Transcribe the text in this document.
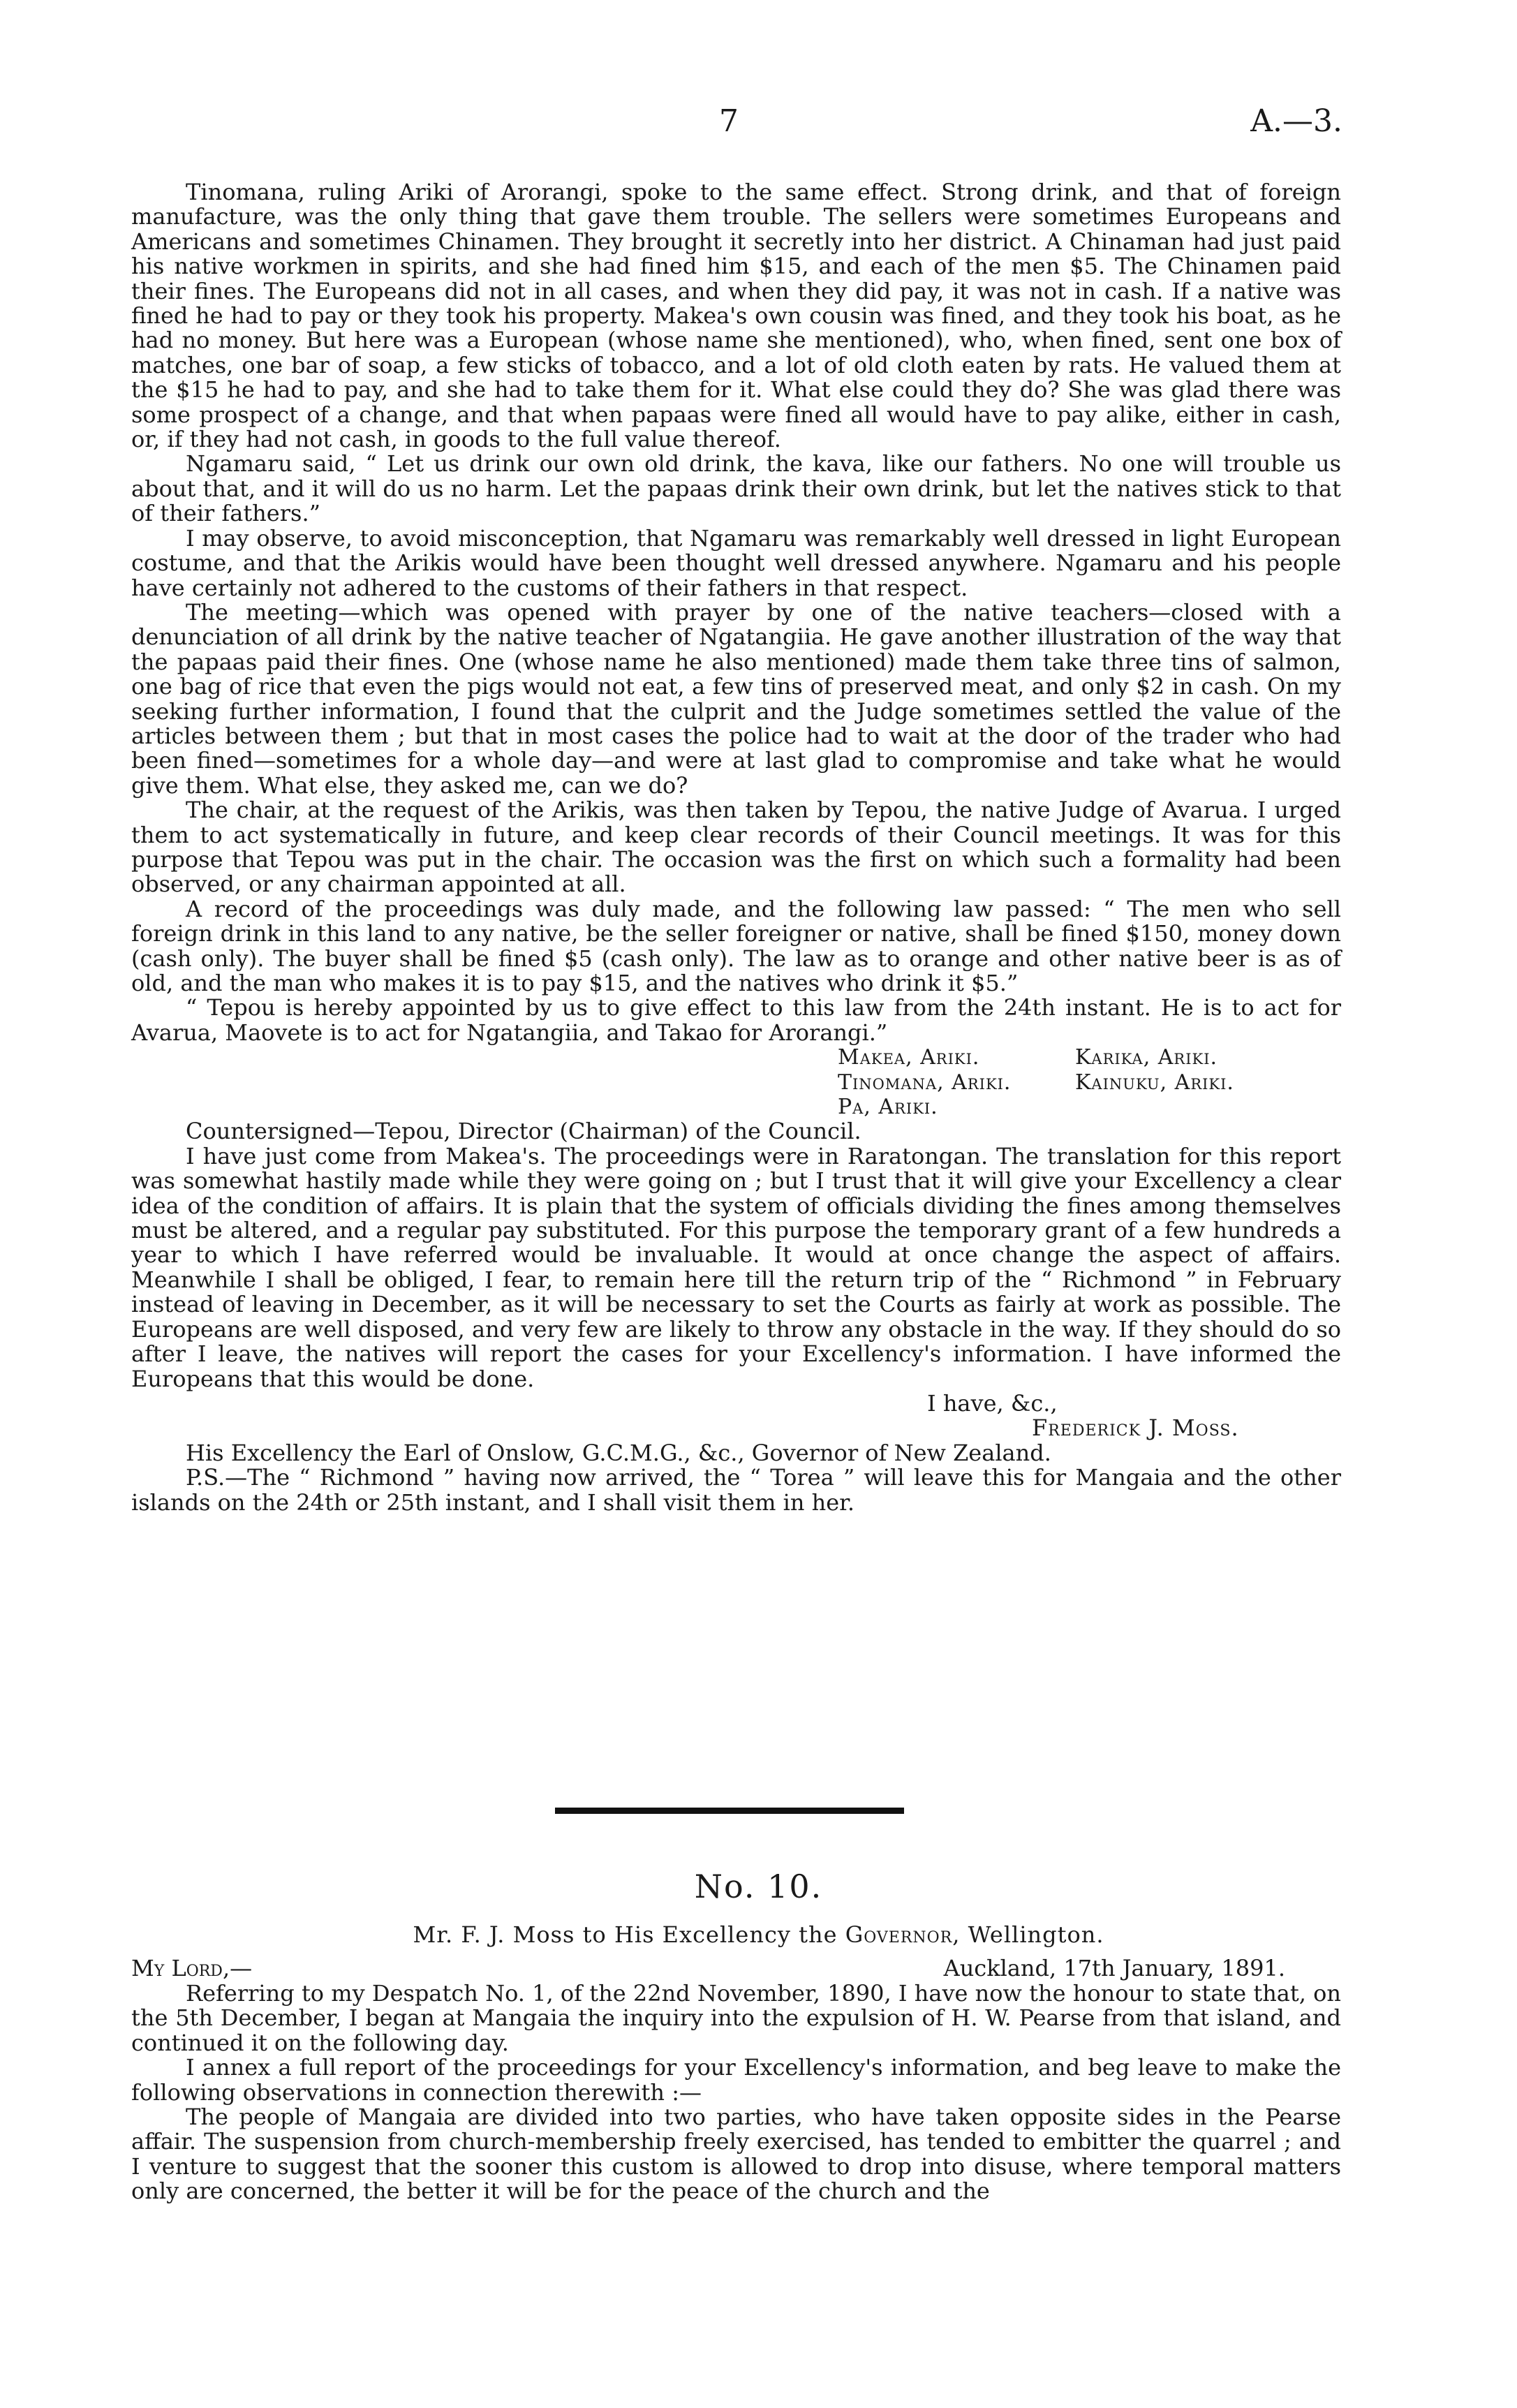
7	A.—3.

Tinomana, ruling Ariki of Arorangi, spoke to the same effect. Strong drink, and that of foreign manufacture, was the only thing that gave them trouble. The sellers were sometimes Europeans and Americans and sometimes Chinamen. They brought it secretly into her district. A Chinaman had just paid his native workmen in spirits, and she had fined him $15, and each of the men $5. The Chinamen paid their fines. The Europeans did not in all cases, and when they did pay, it was not in cash. If a native was fined he had to pay or they took his property. Makea's own cousin was fined, and they took his boat, as he had no money. But here was a European (whose name she mentioned), who, when fined, sent one box of matches, one bar of soap, a few sticks of tobacco, and a lot of old cloth eaten by rats. He valued them at the $15 he had to pay, and she had to take them for it. What else could they do? She was glad there was some prospect of a change, and that when papaas were fined all would have to pay alike, either in cash, or, if they had not cash, in goods to the full value thereof.

Ngamaru said, “ Let us drink our own old drink, the kava, like our fathers. No one will trouble us about that, and it will do us no harm. Let the papaas drink their own drink, but let the natives stick to that of their fathers.”

I may observe, to avoid misconception, that Ngamaru was remarkably well dressed in light European costume, and that the Arikis would have been thought well dressed anywhere. Ngamaru and his people have certainly not adhered to the customs of their fathers in that respect.

The meeting—which was opened with prayer by one of the native teachers—closed with a denunciation of all drink by the native teacher of Ngatangiia. He gave another illustration of the way that the papaas paid their fines. One (whose name he also mentioned) made them take three tins of salmon, one bag of rice that even the pigs would not eat, a few tins of preserved meat, and only $2 in cash. On my seeking further information, I found that the culprit and the Judge sometimes settled the value of the articles between them ; but that in most cases the police had to wait at the door of the trader who had been fined—sometimes for a whole day—and were at last glad to compromise and take what he would give them. What else, they asked me, can we do?

The chair, at the request of the Arikis, was then taken by Tepou, the native Judge of Avarua. I urged them to act systematically in future, and keep clear records of their Council meetings. It was for this purpose that Tepou was put in the chair. The occasion was the first on which such a formality had been observed, or any chairman appointed at all.

A record of the proceedings was duly made, and the following law passed: “ The men who sell foreign drink in this land to any native, be the seller foreigner or native, shall be fined $150, money down (cash only). The buyer shall be fined $5 (cash only). The law as to orange and other native beer is as of old, and the man who makes it is to pay $15, and the natives who drink it $5.”

“ Tepou is hereby appointed by us to give effect to this law from the 24th instant. He is to act for Avarua, Maovete is to act for Ngatangiia, and Takao for Arorangi.”

Makea, Ariki.	Karika, Ariki.
Tinomana, Ariki.	Kainuku, Ariki.
Pa, Ariki.

Countersigned—Tepou, Director (Chairman) of the Council.

I have just come from Makea's. The proceedings were in Raratongan. The translation for this report was somewhat hastily made while they were going on ; but I trust that it will give your Excellency a clear idea of the condition of affairs. It is plain that the system of officials dividing the fines among themselves must be altered, and a regular pay substituted. For this purpose the temporary grant of a few hundreds a year to which I have referred would be invaluable. It would at once change the aspect of affairs. Meanwhile I shall be obliged, I fear, to remain here till the return trip of the “ Richmond ” in February instead of leaving in December, as it will be necessary to set the Courts as fairly at work as possible. The Europeans are well disposed, and very few are likely to throw any obstacle in the way. If they should do so after I leave, the natives will report the cases for your Excellency's information. I have informed the Europeans that this would be done.

I have, &c.,

Frederick J. Moss.

His Excellency the Earl of Onslow, G.C.M.G., &c., Governor of New Zealand.

P.S.—The “ Richmond ” having now arrived, the “ Torea ” will leave this for Mangaia and the other islands on the 24th or 25th instant, and I shall visit them in her.

No. 10.
Mr. F. J. Moss to His Excellency the Governor, Wellington.
My Lord,—	Auckland, 17th January, 1891.

Referring to my Despatch No. 1, of the 22nd November, 1890, I have now the honour to state that, on the 5th December, I began at Mangaia the inquiry into the expulsion of H. W. Pearse from that island, and continued it on the following day.

I annex a full report of the proceedings for your Excellency's information, and beg leave to make the following observations in connection therewith :—

The people of Mangaia are divided into two parties, who have taken opposite sides in the Pearse affair. The suspension from church-membership freely exercised, has tended to embitter the quarrel ; and I venture to suggest that the sooner this custom is allowed to drop into disuse, where temporal matters only are concerned, the better it will be for the peace of the church and the
